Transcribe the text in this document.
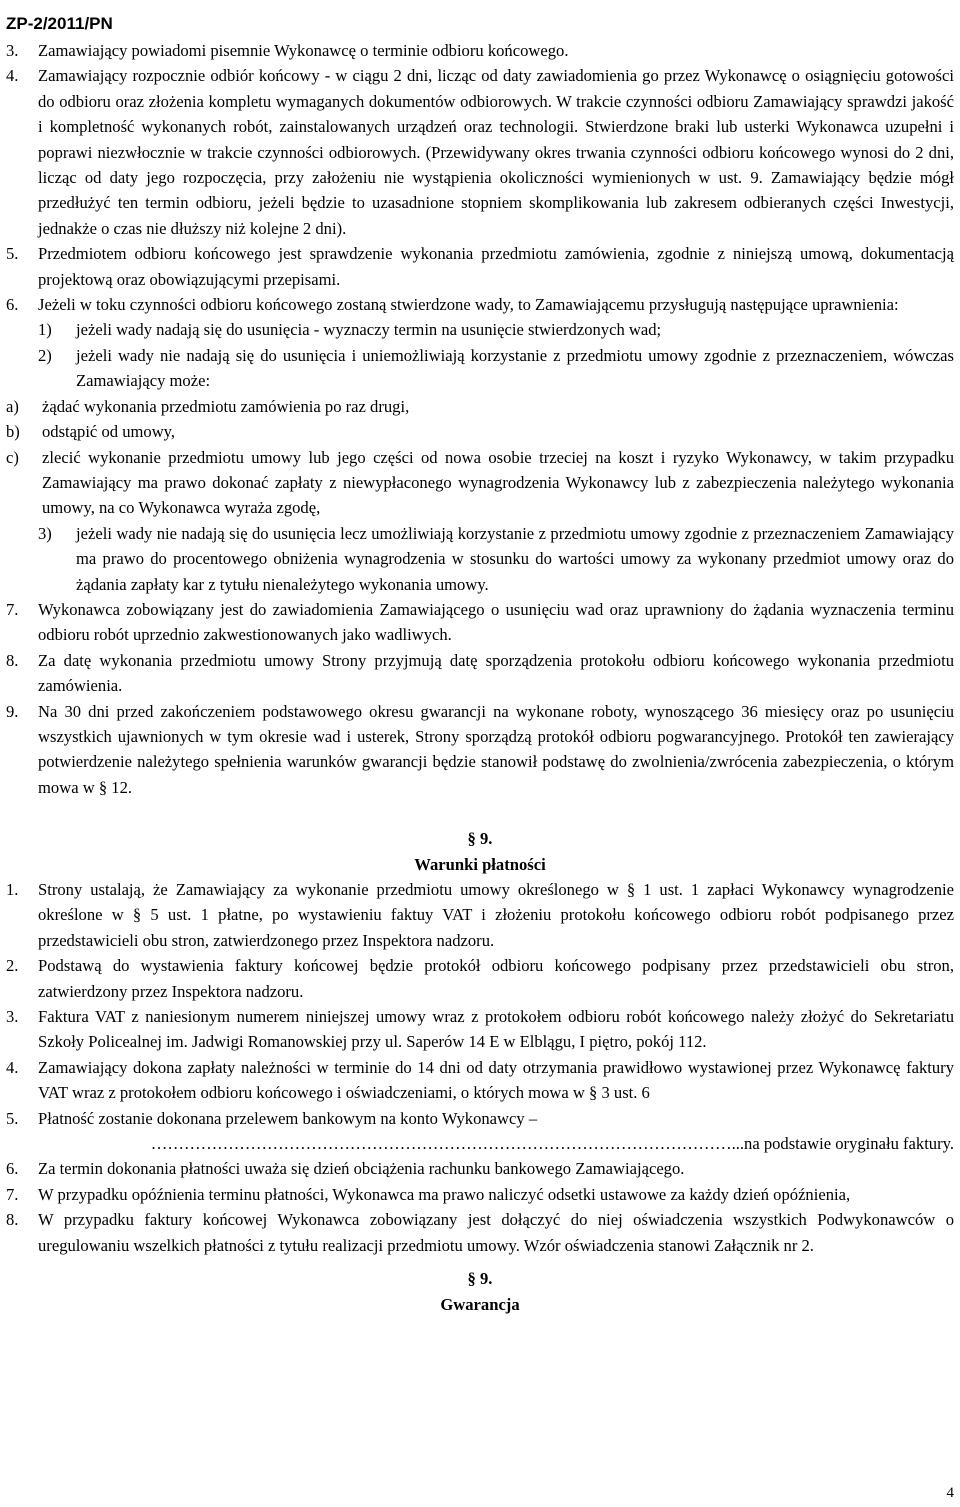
ZP-2/2011/PN

3. Zamawiający powiadomi pisemnie Wykonawcę o terminie odbioru końcowego.

4. Zamawiający rozpocznie odbiór końcowy - w ciągu 2 dni, licząc od daty zawiadomienia go przez Wykonawcę o osiągnięciu gotowości do odbioru oraz złożenia kompletu wymaganych dokumentów odbiorowych. W trakcie czynności odbioru Zamawiający sprawdzi jakość i kompletność wykonanych robót, zainstalowanych urządzeń oraz technologii. Stwierdzone braki lub usterki Wykonawca uzupełni i poprawi niezwłocznie w trakcie czynności odbiorowych. (Przewidywany okres trwania czynności odbioru końcowego wynosi do 2 dni, licząc od daty jego rozpoczęcia, przy założeniu nie wystąpienia okoliczności wymienionych w ust. 9. Zamawiający będzie mógł przedłużyć ten termin odbioru, jeżeli będzie to uzasadnione stopniem skomplikowania lub zakresem odbieranych części Inwestycji, jednakże o czas nie dłuższy niż kolejne 2 dni).

5. Przedmiotem odbioru końcowego jest sprawdzenie wykonania przedmiotu zamówienia, zgodnie z niniejszą umową, dokumentacją projektową oraz obowiązującymi przepisami.

6. Jeżeli w toku czynności odbioru końcowego zostaną stwierdzone wady, to Zamawiającemu przysługują następujące uprawnienia:

1) jeżeli wady nadają się do usunięcia - wyznaczy termin na usunięcie stwierdzonych wad;

2) jeżeli wady nie nadają się do usunięcia i uniemożliwiają korzystanie z przedmiotu umowy zgodnie z przeznaczeniem, wówczas Zamawiający może:

a) żądać wykonania przedmiotu zamówienia po raz drugi,

b) odstąpić od umowy,

c) zlecić wykonanie przedmiotu umowy lub jego części od nowa osobie trzeciej na koszt i ryzyko Wykonawcy, w takim przypadku Zamawiający ma prawo dokonać zapłaty z niewypłaconego wynagrodzenia Wykonawcy lub z zabezpieczenia należytego wykonania umowy, na co Wykonawca wyraża zgodę,

3) jeżeli wady nie nadają się do usunięcia lecz umożliwiają korzystanie z przedmiotu umowy zgodnie z przeznaczeniem Zamawiający ma prawo do procentowego obniżenia wynagrodzenia w stosunku do wartości umowy za wykonany przedmiot umowy oraz do żądania zapłaty kar z tytułu nienależytego wykonania umowy.

7. Wykonawca zobowiązany jest do zawiadomienia Zamawiającego o usunięciu wad oraz uprawniony do żądania wyznaczenia terminu odbioru robót uprzednio zakwestionowanych jako wadliwych.

8. Za datę wykonania przedmiotu umowy Strony przyjmują datę sporządzenia protokołu odbioru końcowego wykonania przedmiotu zamówienia.

9. Na 30 dni przed zakończeniem podstawowego okresu gwarancji na wykonane roboty, wynoszącego 36 miesięcy oraz po usunięciu wszystkich ujawnionych w tym okresie wad i usterek, Strony sporządzą protokół odbioru pogwarancyjnego. Protokół ten zawierający potwierdzenie należytego spełnienia warunków gwarancji będzie stanowił podstawę do zwolnienia/zwrócenia zabezpieczenia, o którym mowa w § 12.

§ 9.
Warunki płatności

1. Strony ustalają, że Zamawiający za wykonanie przedmiotu umowy określonego w § 1 ust. 1 zapłaci Wykonawcy wynagrodzenie określone w § 5 ust. 1 płatne, po wystawieniu faktuy VAT i złożeniu protokołu końcowego odbioru robót podpisanego przez przedstawicieli obu stron, zatwierdzonego przez Inspektora nadzoru.

2. Podstawą do wystawienia faktury końcowej będzie protokół odbioru końcowego podpisany przez przedstawicieli obu stron, zatwierdzony przez Inspektora nadzoru.

3. Faktura VAT z naniesionym numerem niniejszej umowy wraz z protokołem odbioru robót końcowego należy złożyć do Sekretariatu Szkoły Policealnej im. Jadwigi Romanowskiej przy ul. Saperów 14 E w Elblągu, I piętro, pokój 112.

4. Zamawiający dokona zapłaty należności w terminie do 14 dni od daty otrzymania prawidłowo wystawionej przez Wykonawcę faktury VAT wraz z protokołem odbioru końcowego i oświadczeniami, o których mowa w § 3 ust. 6

5. Płatność zostanie dokonana przelewem bankowym na konto Wykonawcy –

……………………………………………………………………………………………...na podstawie oryginału faktury.

6. Za termin dokonania płatności uważa się dzień obciążenia rachunku bankowego Zamawiającego.

7. W przypadku opóźnienia terminu płatności, Wykonawca ma prawo naliczyć odsetki ustawowe za każdy dzień opóźnienia,

8. W przypadku faktury końcowej Wykonawca zobowiązany jest dołączyć do niej oświadczenia wszystkich Podwykonawców o uregulowaniu wszelkich płatności z tytułu realizacji przedmiotu umowy. Wzór oświadczenia stanowi Załącznik nr 2.

§ 9.
Gwarancja
4
